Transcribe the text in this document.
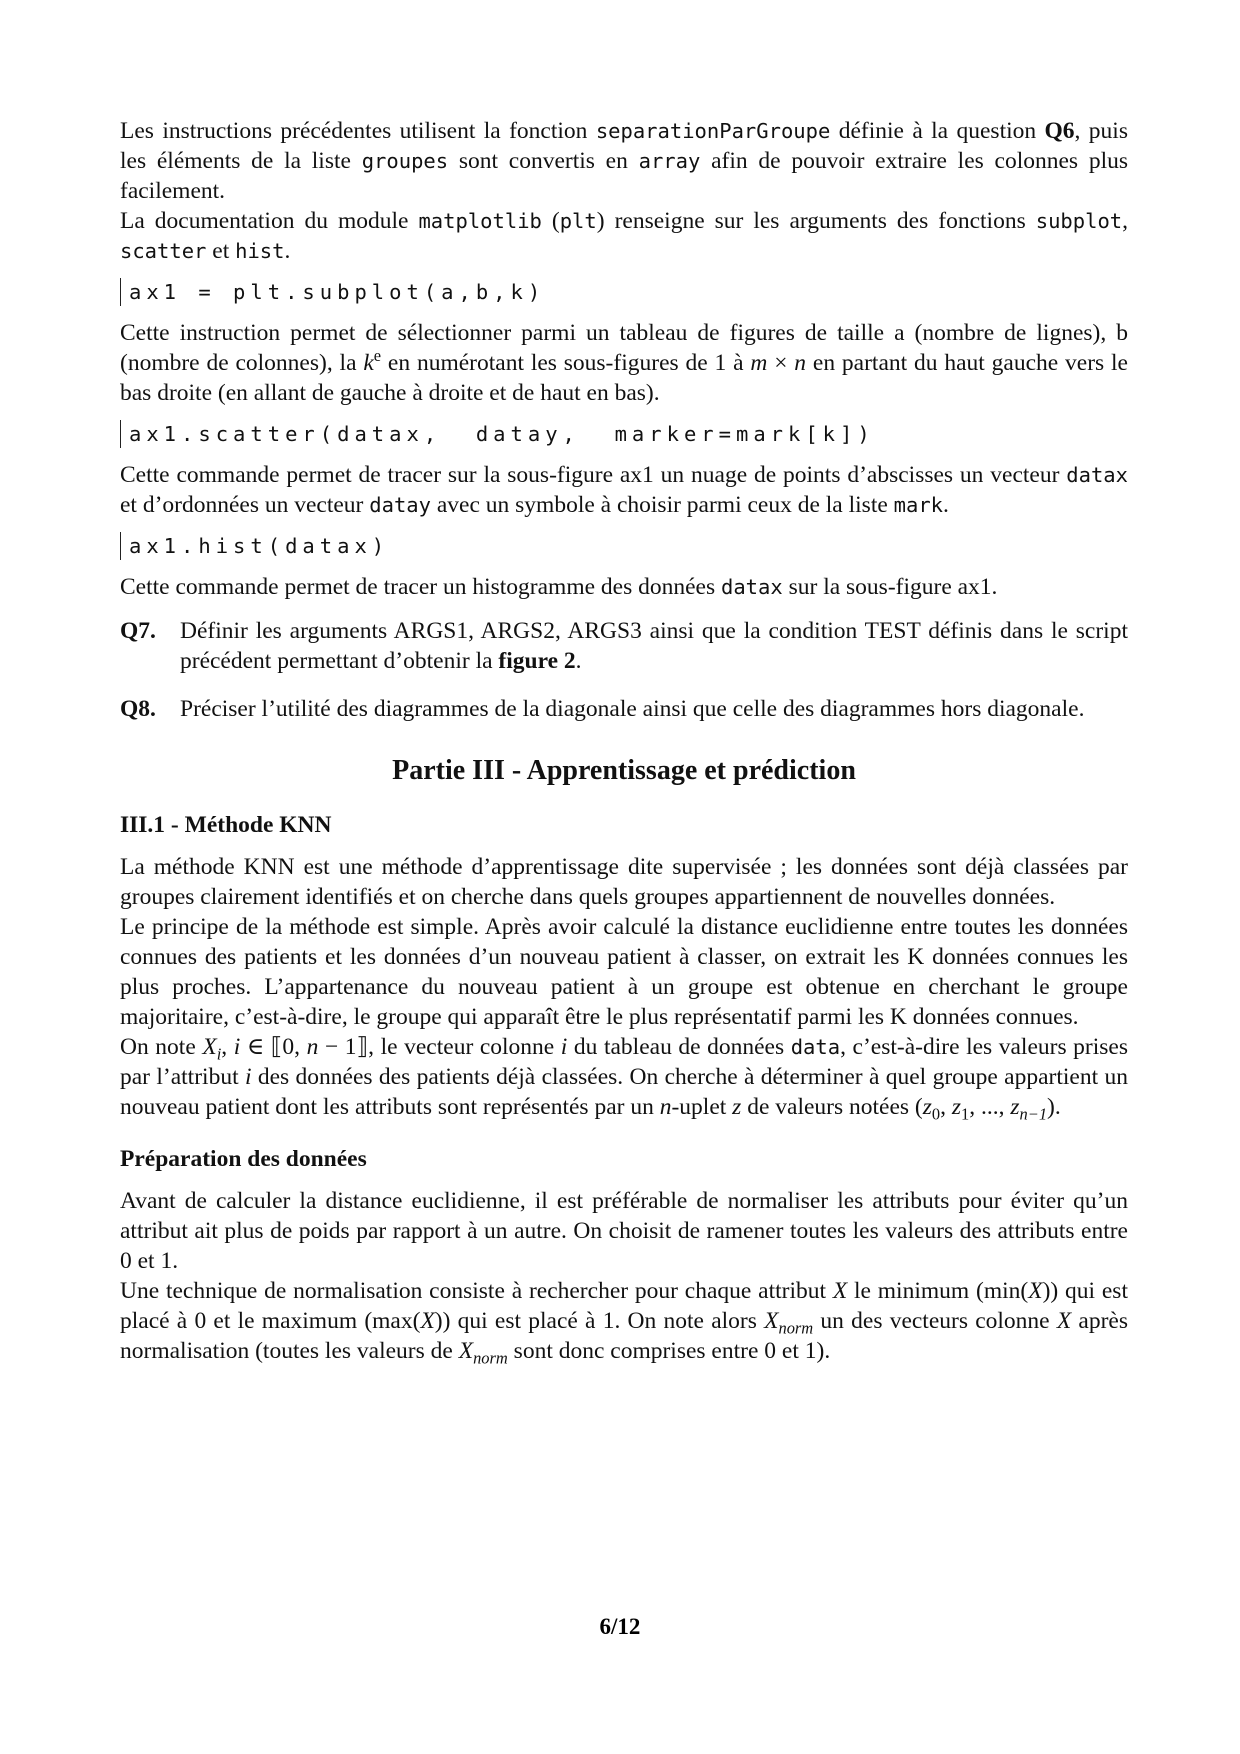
Les instructions précédentes utilisent la fonction separationParGroupe définie à la question Q6, puis les éléments de la liste groupes sont convertis en array afin de pouvoir extraire les colonnes plus facilement.

La documentation du module matplotlib (plt) renseigne sur les arguments des fonctions subplot, scatter et hist.

ax1 = plt.subplot(a,b,k)

Cette instruction permet de sélectionner parmi un tableau de figures de taille a (nombre de lignes), b (nombre de colonnes), la $k^e$ en numérotant les sous-figures de 1 à m × n en partant du haut gauche vers le bas droite (en allant de gauche à droite et de haut en bas).

ax1.scatter(datax,  datay,  marker=mark[k])

Cette commande permet de tracer sur la sous-figure ax1 un nuage de points d’abscisses un vecteur datax et d’ordonnées un vecteur datay avec un symbole à choisir parmi ceux de la liste mark.

ax1.hist(datax)

Cette commande permet de tracer un histogramme des données datax sur la sous-figure ax1.

Q7.	Définir les arguments ARGS1, ARGS2, ARGS3 ainsi que la condition TEST définis dans le script précédent permettant d’obtenir la figure 2.
Q8.	Préciser l’utilité des diagrammes de la diagonale ainsi que celle des diagrammes hors diagonale.
Partie III - Apprentissage et prédiction
III.1 - Méthode KNN

La méthode KNN est une méthode d’apprentissage dite supervisée ; les données sont déjà classées par groupes clairement identifiés et on cherche dans quels groupes appartiennent de nouvelles données.

Le principe de la méthode est simple. Après avoir calculé la distance euclidienne entre toutes les données connues des patients et les données d’un nouveau patient à classer, on extrait les K données connues les plus proches. L’appartenance du nouveau patient à un groupe est obtenue en cherchant le groupe majoritaire, c’est-à-dire, le groupe qui apparaît être le plus représentatif parmi les K données connues.

On note $X_i$, i ∈ ⟦0, n − 1⟧, le vecteur colonne i du tableau de données data, c’est-à-dire les valeurs prises par l’attribut i des données des patients déjà classées. On cherche à déterminer à quel groupe appartient un nouveau patient dont les attributs sont représentés par un n-uplet z de valeurs notées ($z_0$, $z_1$, ..., $z_{n-1}$).

Préparation des données

Avant de calculer la distance euclidienne, il est préférable de normaliser les attributs pour éviter qu’un attribut ait plus de poids par rapport à un autre. On choisit de ramener toutes les valeurs des attributs entre 0 et 1.

Une technique de normalisation consiste à rechercher pour chaque attribut X le minimum (min(X)) qui est placé à 0 et le maximum (max(X)) qui est placé à 1. On note alors $X_{norm}$ un des vecteurs colonne X après normalisation (toutes les valeurs de $X_{norm}$ sont donc comprises entre 0 et 1).

6/12
